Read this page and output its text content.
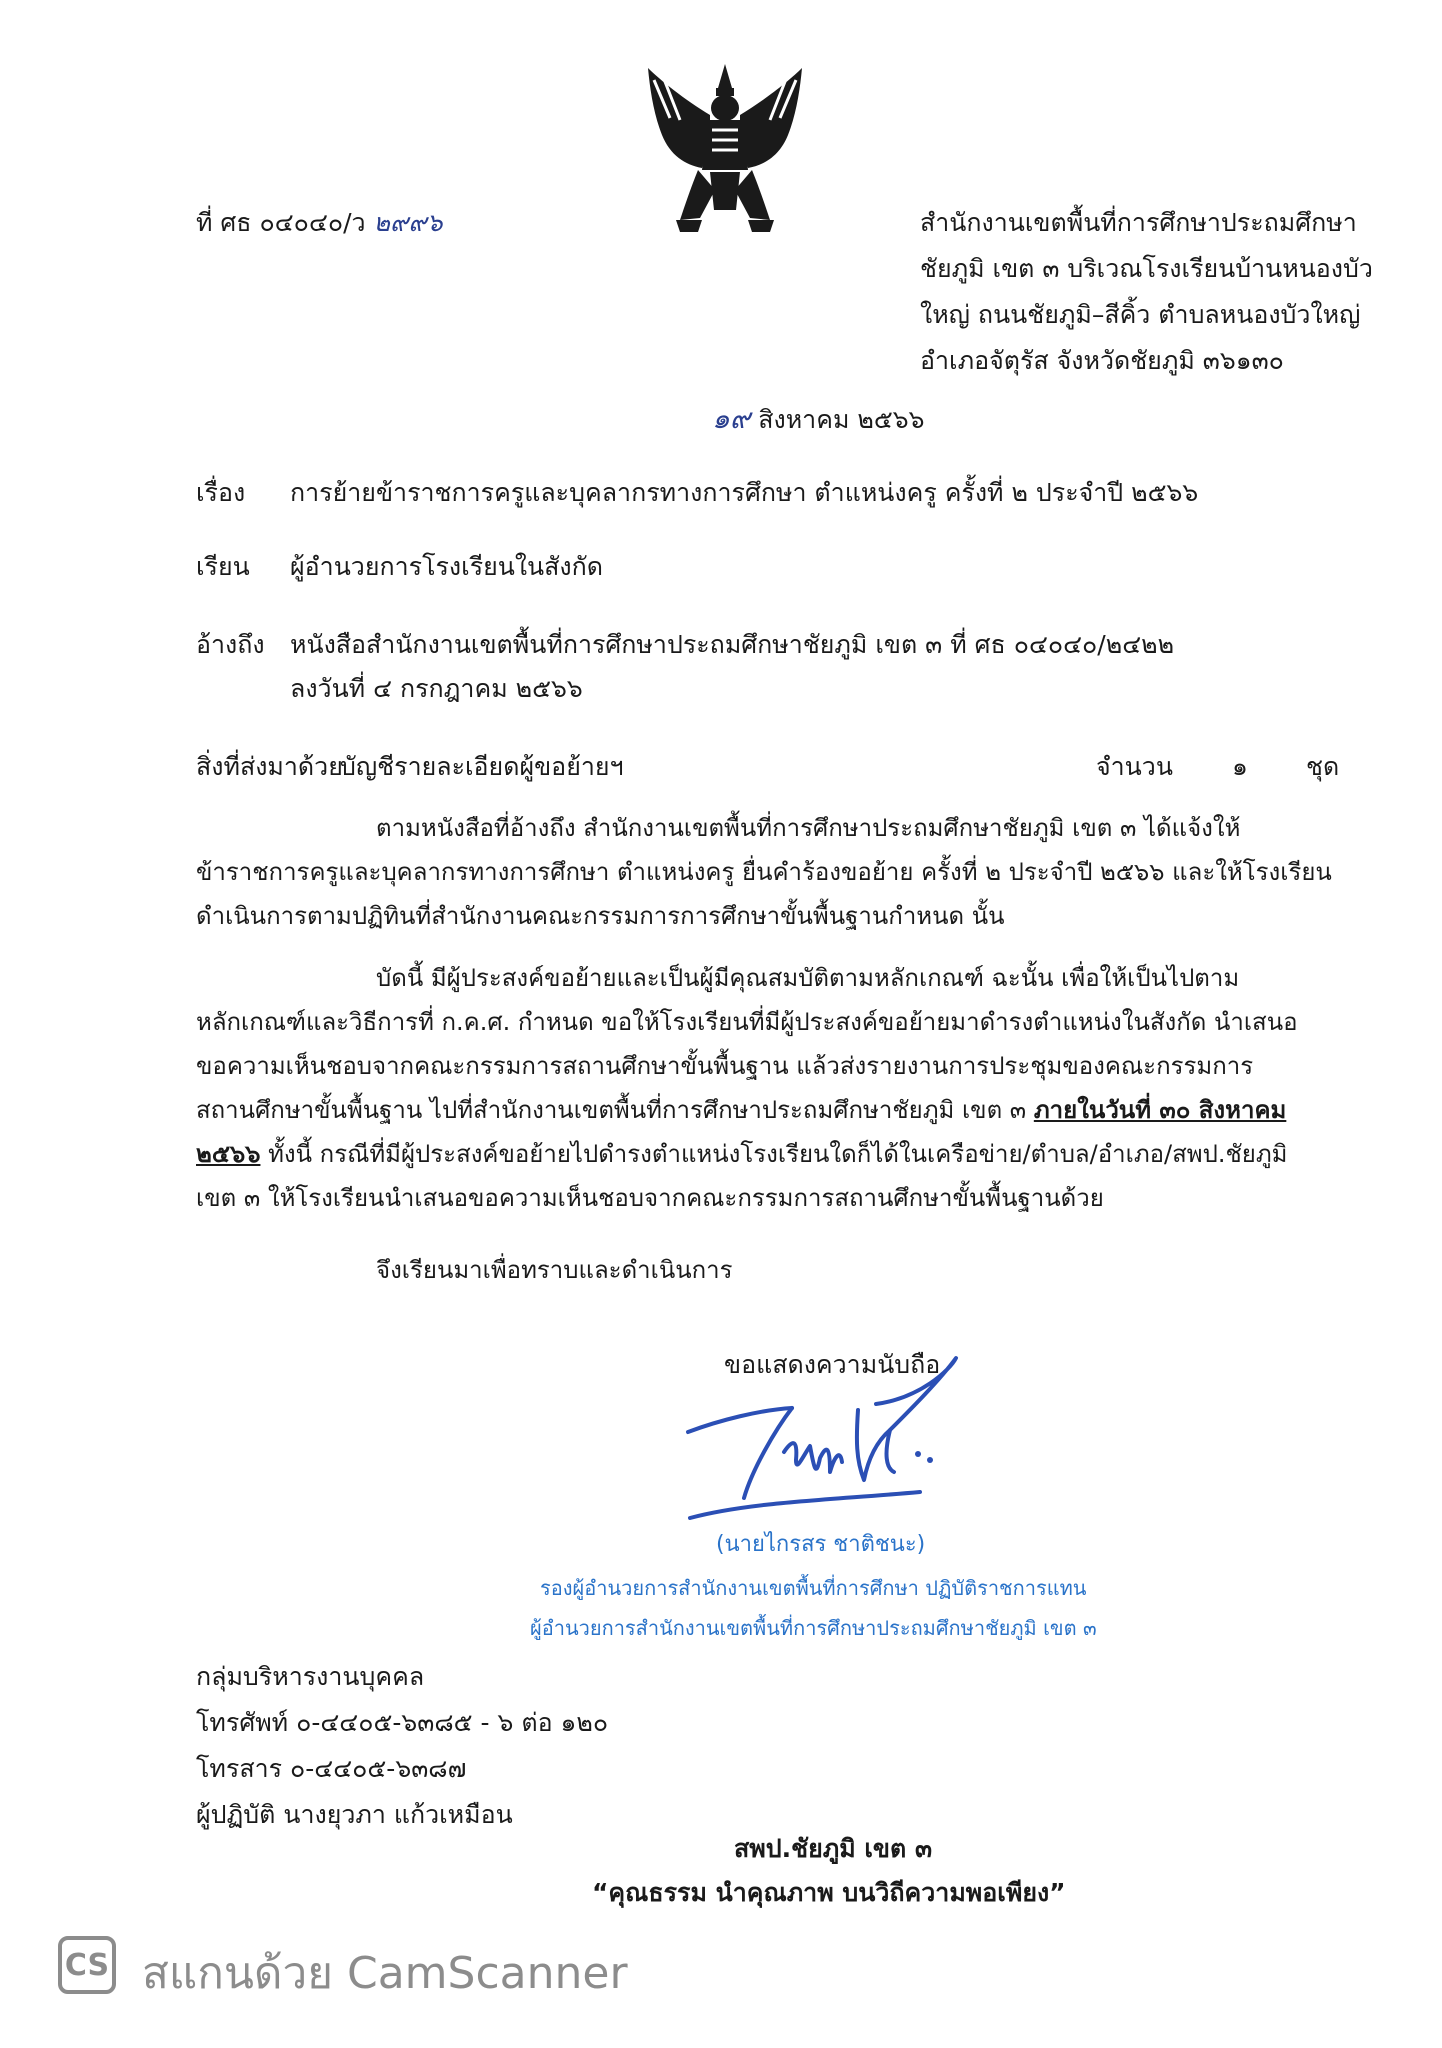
ที่ ศธ ๐๔๐๔๐/ว ๒๙๙๖	สำนักงานเขตพื้นที่การศึกษาประถมศึกษา
ชัยภูมิ เขต ๓ บริเวณโรงเรียนบ้านหนองบัว
ใหญ่ ถนนชัยภูมิ–สีคิ้ว ตำบลหนองบัวใหญ่
อำเภอจัตุรัส จังหวัดชัยภูมิ ๓๖๑๓๐
๑๙ สิงหาคม ๒๕๖๖
เรื่อง การย้ายข้าราชการครูและบุคลากรทางการศึกษา ตำแหน่งครู ครั้งที่ ๒ ประจำปี ๒๕๖๖
เรียน ผู้อำนวยการโรงเรียนในสังกัด
อ้างถึง หนังสือสำนักงานเขตพื้นที่การศึกษาประถมศึกษาชัยภูมิ เขต ๓ ที่ ศธ ๐๔๐๔๐/๒๔๒๒
ลงวันที่ ๔ กรกฎาคม ๒๕๖๖
สิ่งที่ส่งมาด้วย
บัญชีรายละเอียดผู้ขอย้ายฯ	จำนวน ๑ ชุด
ตามหนังสือที่อ้างถึง สำนักงานเขตพื้นที่การศึกษาประถมศึกษาชัยภูมิ เขต ๓ ได้แจ้งให้
ข้าราชการครูและบุคลากรทางการศึกษา ตำแหน่งครู ยื่นคำร้องขอย้าย ครั้งที่ ๒ ประจำปี ๒๕๖๖ และให้โรงเรียน
ดำเนินการตามปฏิทินที่สำนักงานคณะกรรมการการศึกษาขั้นพื้นฐานกำหนด นั้น
บัดนี้ มีผู้ประสงค์ขอย้ายและเป็นผู้มีคุณสมบัติตามหลักเกณฑ์ ฉะนั้น เพื่อให้เป็นไปตาม
หลักเกณฑ์และวิธีการที่ ก.ค.ศ. กำหนด ขอให้โรงเรียนที่มีผู้ประสงค์ขอย้ายมาดำรงตำแหน่งในสังกัด นำเสนอ
ขอความเห็นชอบจากคณะกรรมการสถานศึกษาขั้นพื้นฐาน แล้วส่งรายงานการประชุมของคณะกรรมการ
สถานศึกษาขั้นพื้นฐาน ไปที่สำนักงานเขตพื้นที่การศึกษาประถมศึกษาชัยภูมิ เขต ๓ ภายในวันที่ ๓๐ สิงหาคม
๒๕๖๖ ทั้งนี้ กรณีที่มีผู้ประสงค์ขอย้ายไปดำรงตำแหน่งโรงเรียนใดก็ได้ในเครือข่าย/ตำบล/อำเภอ/สพป.ชัยภูมิ
เขต ๓ ให้โรงเรียนนำเสนอขอความเห็นชอบจากคณะกรรมการสถานศึกษาขั้นพื้นฐานด้วย
จึงเรียนมาเพื่อทราบและดำเนินการ
ขอแสดงความนับถือ
(นายไกรสร ชาติชนะ)
รองผู้อำนวยการสำนักงานเขตพื้นที่การศึกษา ปฏิบัติราชการแทน
ผู้อำนวยการสำนักงานเขตพื้นที่การศึกษาประถมศึกษาชัยภูมิ เขต ๓
กลุ่มบริหารงานบุคคล
โทรศัพท์ ๐-๔๔๐๕-๖๓๘๕ - ๖ ต่อ ๑๒๐
โทรสาร ๐-๔๔๐๕-๖๓๘๗
ผู้ปฏิบัติ นางยุวภา แก้วเหมือน
สพป.ชัยภูมิ เขต ๓
“คุณธรรม นำคุณภาพ บนวิถีความพอเพียง”
CS สแกนด้วย CamScanner
